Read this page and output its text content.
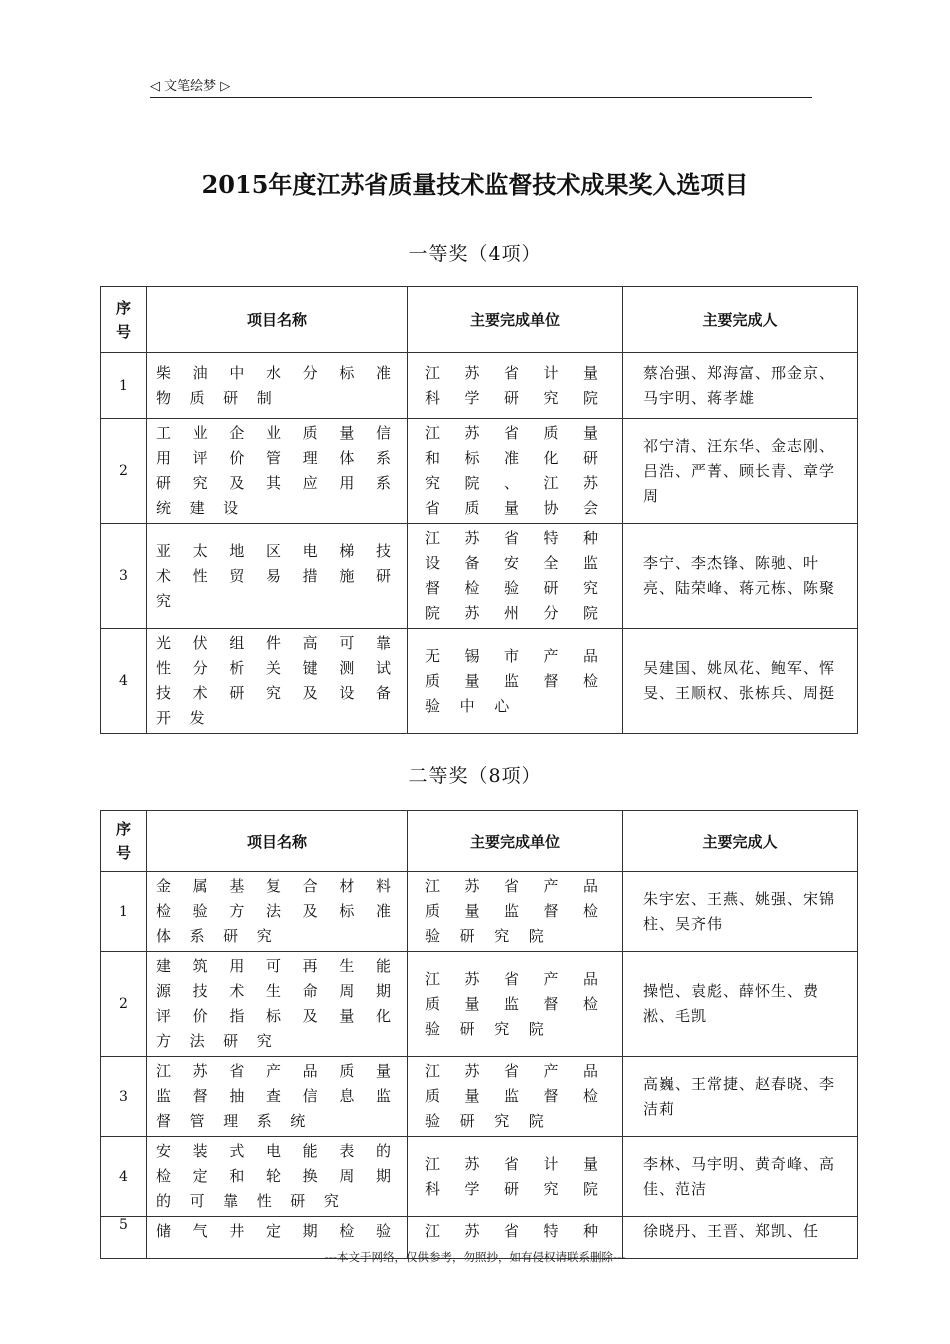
◁ 文笔绘梦 ▷
2015年度江苏省质量技术监督技术成果奖入选项目
一等奖（4项）
序
号	项目名称	主要完成单位	主要完成人
1	柴油中水分标准
物 质 研 制	江苏省计量
科学研究院	蔡冶强、郑海富、邢金京、马宇明、蒋孝雄
2	工业企业质量信
用评价管理体系
研究及其应用系
统 建 设	江苏省质量
和标准化研
究院、江苏
省质量协会	祁宁清、汪东华、金志刚、吕浩、严菁、顾长青、章学周
3	亚太地区电梯技
术性贸易措施研
究	江苏省特种
设备安全监
督检验研究
院苏州分院	李宁、李杰锋、陈驰、叶亮、陆荣峰、蒋元栋、陈聚
4	光伏组件高可靠
性分析关键测试
技术研究及设备
开 发	无锡市产品
质量监督检
验 中 心	吴建国、姚凤花、鲍军、恽旻、王顺权、张栋兵、周挺
二等奖（8项）
序
号	项目名称	主要完成单位	主要完成人
1	金属基复合材料
检验方法及标准
体 系 研 究	江苏省产品
质量监督检
验 研 究 院	朱宇宏、王燕、姚强、宋锦柱、吴齐伟
2	建筑用可再生能
源技术生命周期
评价指标及量化
方 法 研 究	江苏省产品
质量监督检
验 研 究 院	操恺、袁彪、薛怀生、费淞、毛凯
3	江苏省产品质量
监督抽查信息监
督 管 理 系 统	江苏省产品
质量监督检
验 研 究 院	高巍、王常捷、赵春晓、李洁莉
4	安装式电能表的
检定和轮换周期
的 可 靠 性 研 究	江苏省计量
科学研究院	李林、马宇明、黄奇峰、高佳、范洁
5	储气井定期检验	江苏省特种	徐晓丹、王晋、郑凯、任
---本文于网络，仅供参考，勿照抄，如有侵权请联系删除---
